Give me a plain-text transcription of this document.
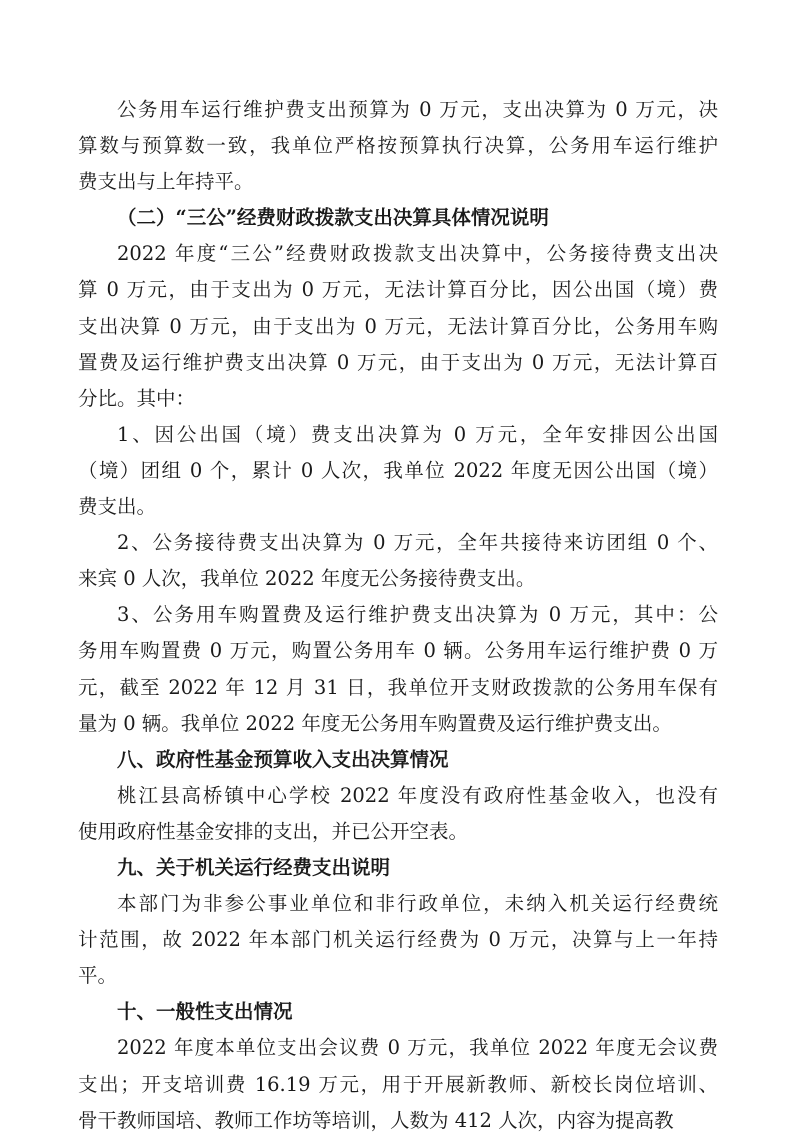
公务用车运行维护费支出预算为 0 万元，支出决算为 0 万元，决
算数与预算数一致，我单位严格按预算执行决算，公务用车运行维护
费支出与上年持平。
（二）“三公”经费财政拨款支出决算具体情况说明
2022 年度“三公”经费财政拨款支出决算中，公务接待费支出决
算 0 万元，由于支出为 0 万元，无法计算百分比，因公出国（境）费
支出决算 0 万元，由于支出为 0 万元，无法计算百分比，公务用车购
置费及运行维护费支出决算 0 万元，由于支出为 0 万元，无法计算百
分比。其中：
1、因公出国（境）费支出决算为 0 万元，全年安排因公出国
（境）团组 0 个，累计 0 人次，我单位 2022 年度无因公出国（境）
费支出。
2、公务接待费支出决算为 0 万元，全年共接待来访团组 0 个、
来宾 0 人次，我单位 2022 年度无公务接待费支出。
3、公务用车购置费及运行维护费支出决算为 0 万元，其中：公
务用车购置费 0 万元，购置公务用车 0 辆。公务用车运行维护费 0 万
元，截至 2022 年 12 月 31 日，我单位开支财政拨款的公务用车保有
量为 0 辆。我单位 2022 年度无公务用车购置费及运行维护费支出。
八、政府性基金预算收入支出决算情况
桃江县高桥镇中心学校 2022 年度没有政府性基金收入，也没有
使用政府性基金安排的支出，并已公开空表。
九、关于机关运行经费支出说明
本部门为非参公事业单位和非行政单位，未纳入机关运行经费统
计范围，故 2022 年本部门机关运行经费为 0 万元，决算与上一年持
平。
十、一般性支出情况
2022 年度本单位支出会议费 0 万元，我单位 2022 年度无会议费
支出；开支培训费 16.19 万元，用于开展新教师、新校长岗位培训、
骨干教师国培、教师工作坊等培训，人数为 412 人次，内容为提高教
